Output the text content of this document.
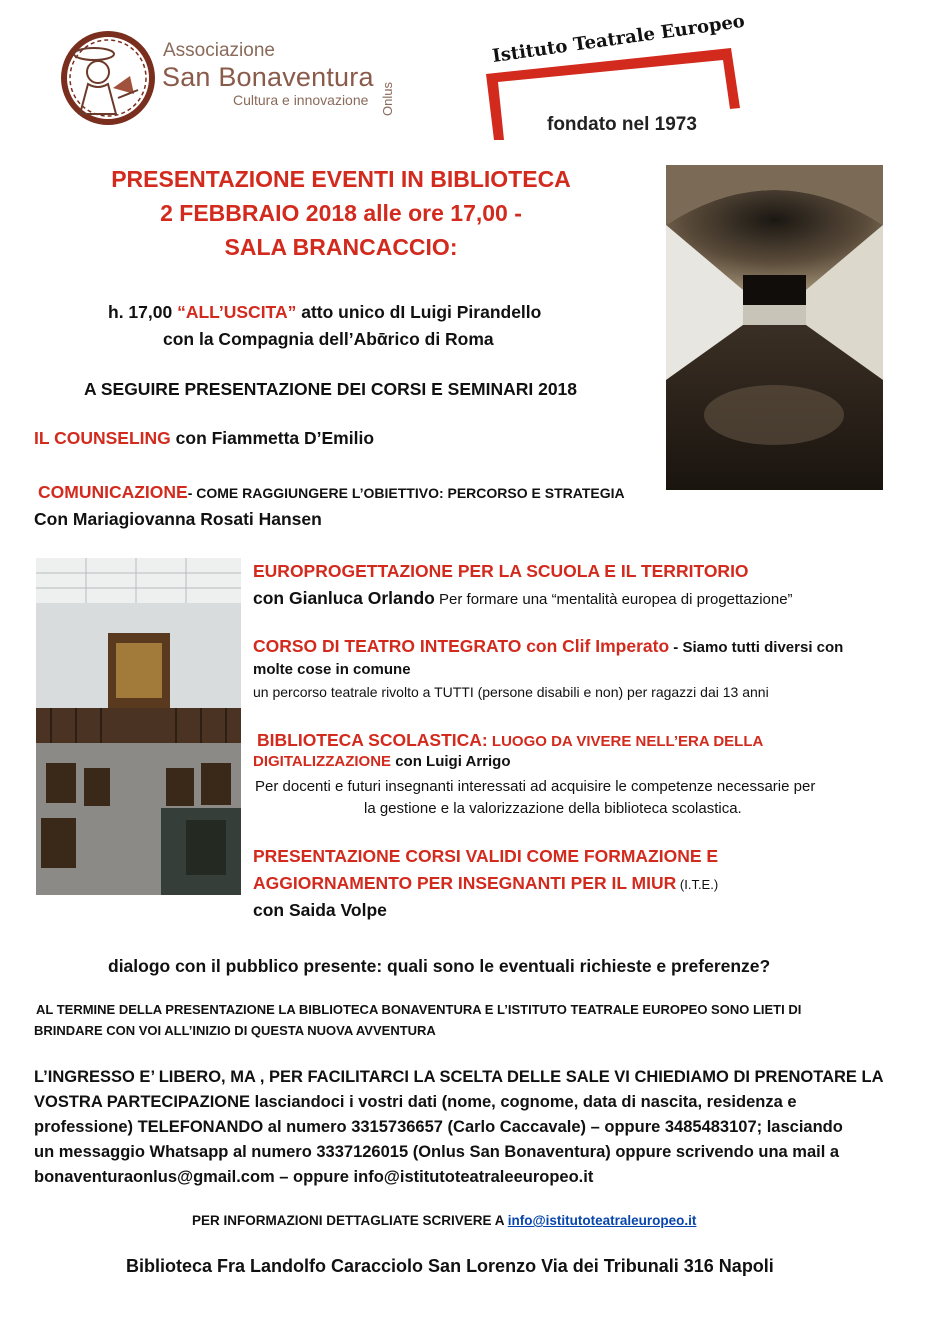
Associazione
San Bonaventura
Cultura e innovazione Onlus
Istituto Teatrale Europeo
fondato nel 1973
PRESENTAZIONE EVENTI IN BIBLIOTECA
2 FEBBRAIO 2018 alle ore 17,00 -
SALA BRANCACCIO:
h. 17,00 “ALL’USCITA” atto unico dI Luigi Pirandello
con la Compagnia dell’Abᾱrico di Roma
A SEGUIRE PRESENTAZIONE DEI CORSI E SEMINARI 2018
IL COUNSELING con Fiammetta D’Emilio
COMUNICAZIONE- COME RAGGIUNGERE L’OBIETTIVO: PERCORSO E STRATEGIA
Con Mariagiovanna Rosati Hansen
EUROPROGETTAZIONE PER LA SCUOLA E IL TERRITORIO
con Gianluca Orlando Per formare una “mentalità europea di progettazione”
CORSO DI TEATRO INTEGRATO con Clif Imperato - Siamo tutti diversi con
molte cose in comune
un percorso teatrale rivolto a TUTTI (persone disabili e non) per ragazzi dai 13 anni
BIBLIOTECA SCOLASTICA: LUOGO DA VIVERE NELL’ERA DELLA
DIGITALIZZAZIONE con Luigi Arrigo
Per docenti e futuri insegnanti interessati ad acquisire le competenze necessarie per
la gestione e la valorizzazione della biblioteca scolastica.
PRESENTAZIONE CORSI VALIDI COME FORMAZIONE E
AGGIORNAMENTO PER INSEGNANTI PER IL MIUR (I.T.E.)
con Saida Volpe
dialogo con il pubblico presente: quali sono le eventuali richieste e preferenze?
AL TERMINE DELLA PRESENTAZIONE LA BIBLIOTECA BONAVENTURA E L’ISTITUTO TEATRALE EUROPEO SONO LIETI DI
BRINDARE CON VOI ALL’INIZIO DI QUESTA NUOVA AVVENTURA
L’INGRESSO E’ LIBERO, MA , PER FACILITARCI LA SCELTA DELLE SALE VI CHIEDIAMO DI PRENOTARE LA
VOSTRA PARTECIPAZIONE lasciandoci i vostri dati (nome, cognome, data di nascita, residenza e
professione) TELEFONANDO al numero 3315736657 (Carlo Caccavale) – oppure 3485483107; lasciando
un messaggio Whatsapp al numero 3337126015 (Onlus San Bonaventura) oppure scrivendo una mail a
bonaventuraonlus@gmail.com – oppure info@istitutoteatraleeuropeo.it
PER INFORMAZIONI DETTAGLIATE SCRIVERE A info@istitutoteatraleuropeo.it
Biblioteca Fra Landolfo Caracciolo San Lorenzo Via dei Tribunali 316 Napoli
